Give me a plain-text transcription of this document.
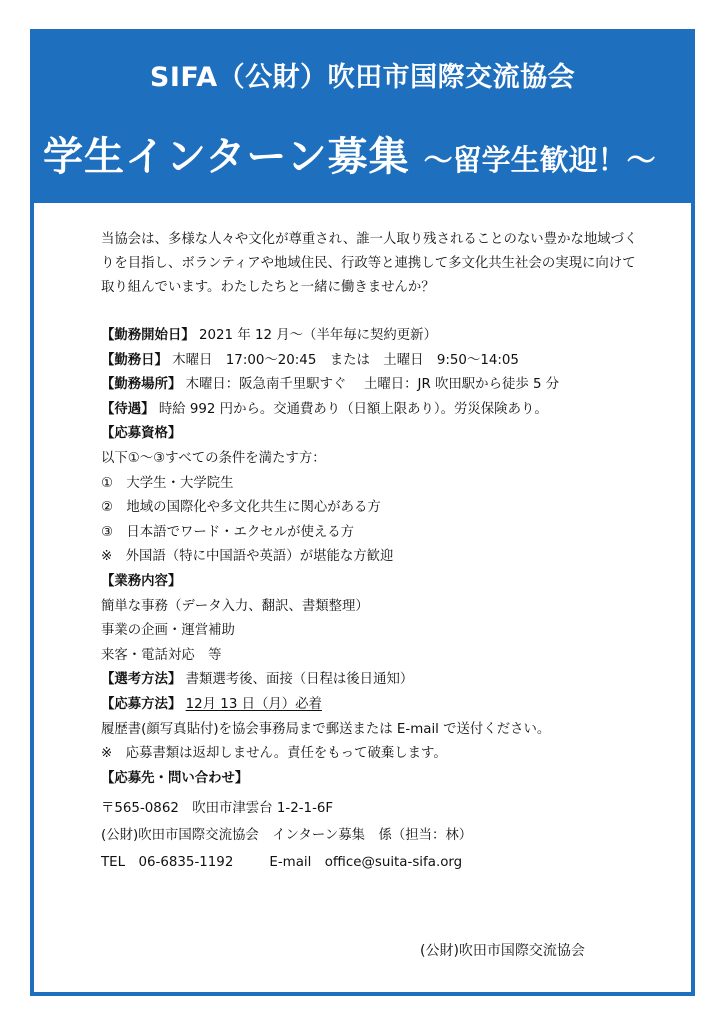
SIFA（公財）吹田市国際交流協会
学生インターン募集 ～留学生歓迎！～

当協会は、多様な人々や文化が尊重され、誰一人取り残されることのない豊かな地域づく

りを目指し、ボランティアや地域住民、行政等と連携して多文化共生社会の実現に向けて

取り組んでいます。わたしたちと一緒に働きませんか？

【勤務開始日】 2021 年 12 月～（半年毎に契約更新）
【勤務日】 木曜日　17:00～20:45　または　土曜日　9:50～14:05
【勤務場所】 木曜日：阪急南千里駅すぐ　 土曜日：JR 吹田駅から徒歩 5 分
【待遇】 時給 992 円から。交通費あり（日額上限あり）。労災保険あり。
【応募資格】
以下①～③すべての条件を満たす方：
①　大学生・大学院生
②　地域の国際化や多文化共生に関心がある方
③　日本語でワード・エクセルが使える方
※　外国語（特に中国語や英語）が堪能な方歓迎
【業務内容】
簡単な事務（データ入力、翻訳、書類整理）
事業の企画・運営補助
来客・電話対応　等
【選考方法】 書類選考後、面接（日程は後日通知）
【応募方法】 12月 13 日（月）必着
履歴書(顔写真貼付)を協会事務局まで郵送または E-mail で送付ください。
※　応募書類は返却しません。責任をもって破棄します。
【応募先・問い合わせ】
〒565-0862　吹田市津雲台 1-2-1-6F
(公財)吹田市国際交流協会　インターン募集　係（担当：林）
TEL　06-6835-1192	E-mail　office@suita-sifa.org
(公財)吹田市国際交流協会
